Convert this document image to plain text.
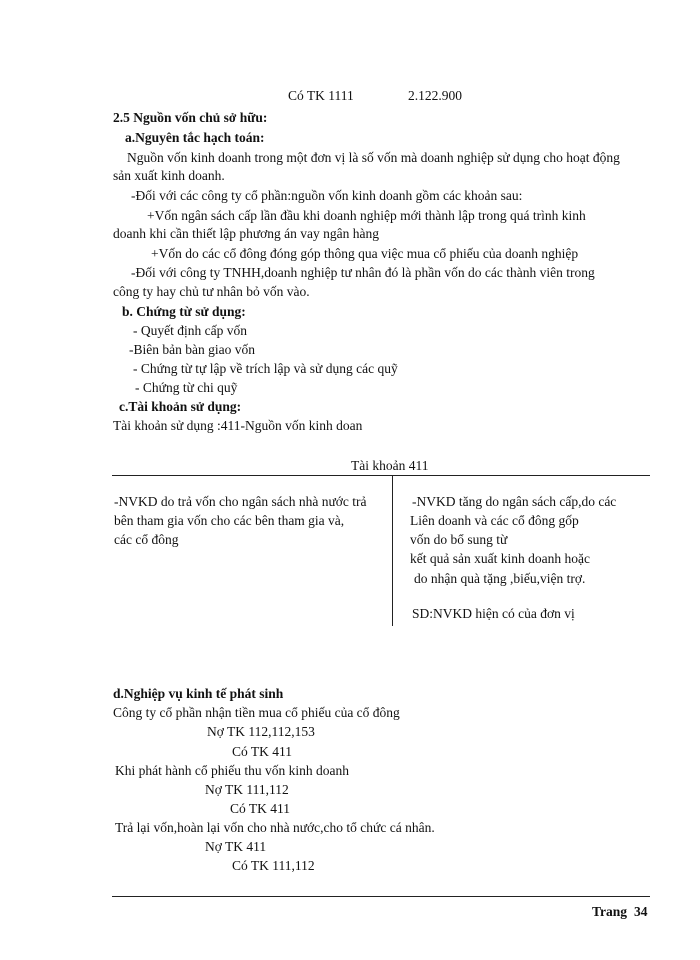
Có TK 1111	2.122.900
2.5 Nguồn vốn chủ sở hữu:
a.Nguyên tắc hạch toán:
Nguồn vốn kinh doanh trong một đơn vị là số vốn mà doanh nghiệp sử dụng cho hoạt động
sản xuất kinh doanh.
-Đối với các công ty cổ phần:nguồn vốn kinh doanh gồm các khoản sau:
+Vốn ngân sách cấp lần đầu khi doanh nghiệp mới thành lập trong quá trình kinh
doanh khi cần thiết lập phương án vay ngân hàng
+Vốn do các cổ đông đóng góp thông qua việc mua cổ phiếu của doanh nghiệp
-Đối với công ty TNHH,doanh nghiệp tư nhân đó là phần vốn do các thành viên trong
công ty hay chủ tư nhân bỏ vốn vào.
b. Chứng từ sử dụng:
- Quyết định cấp vốn
-Biên bản bàn giao vốn
- Chứng từ tự lập về trích lập và sử dụng các quỹ
- Chứng từ chi quỹ
c.Tài khoản sử dụng:
Tài khoản sử dụng :411-Nguồn vốn kinh doan
Tài khoản 411
-NVKD do trả vốn cho ngân sách nhà nước trả
bên tham gia vốn cho các bên tham gia và,
các cổ đông
-NVKD tăng do ngân sách cấp,do các
Liên doanh và các cổ đông gốp
vốn do bổ sung từ
kết quả sản xuất kinh doanh hoặc
do nhận quà tặng ,biếu,viện trợ.
SD:NVKD hiện có của đơn vị
d.Nghiệp vụ kinh tế phát sinh
Công ty cổ phần nhận tiền mua cổ phiếu của cổ đông
Nợ TK 112,112,153
Có TK 411
Khi phát hành cổ phiếu thu vốn kinh doanh
Nợ TK 111,112
Có TK 411
Trả lại vốn,hoàn lại vốn cho nhà nước,cho tổ chức cá nhân.
Nợ TK 411
Có TK 111,112
Trang 34
